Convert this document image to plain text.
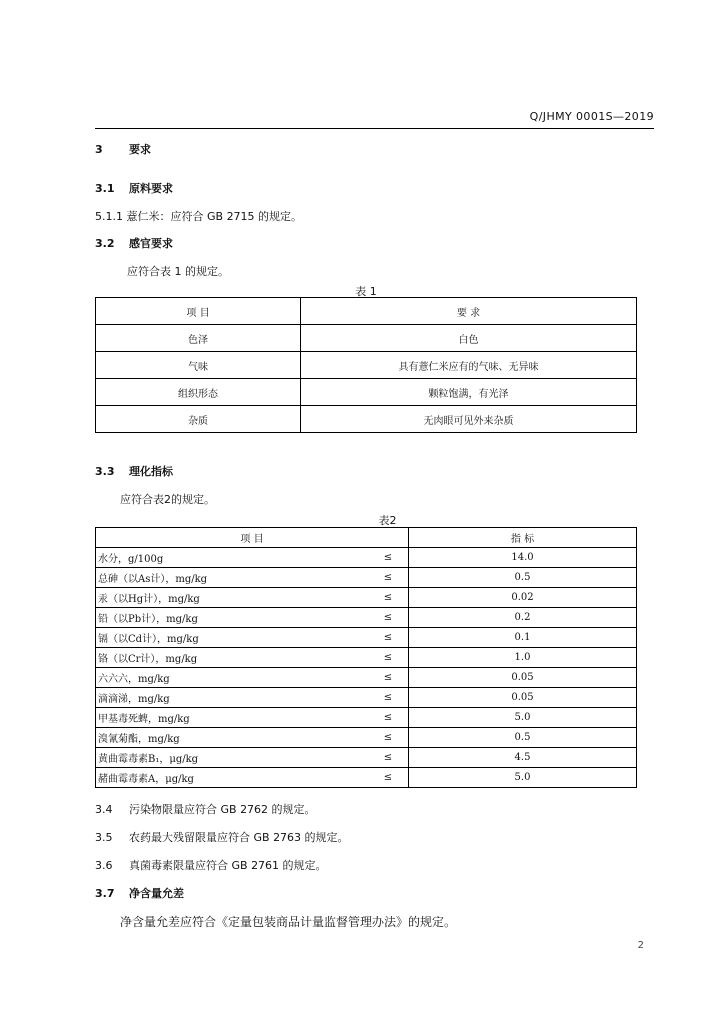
Q/JHMY 0001S—2019
3 要求
3.1 原料要求
5.1.1 薏仁米：应符合 GB 2715 的规定。
3.2 感官要求
应符合表 1 的规定。
表 1
项 目	要 求
色泽	白色
气味	具有薏仁米应有的气味、无异味
组织形态	颗粒饱满，有光泽
杂质	无肉眼可见外来杂质
3.3 理化指标
应符合表2的规定。
表2
项 目		指 标
水分，g/100g	≤	14.0
总砷（以As计），mg/kg	≤	0.5
汞（以Hg计），mg/kg	≤	0.02
铅（以Pb计），mg/kg	≤	0.2
镉（以Cd计），mg/kg	≤	0.1
铬（以Cr计），mg/kg	≤	1.0
六六六，mg/kg	≤	0.05
滴滴涕，mg/kg	≤	0.05
甲基毒死蜱，mg/kg	≤	5.0
溴氰菊酯，mg/kg	≤	0.5
黄曲霉毒素B₁，μg/kg	≤	4.5
赭曲霉毒素A，μg/kg	≤	5.0
3.4 污染物限量应符合 GB 2762 的规定。
3.5 农药最大残留限量应符合 GB 2763 的规定。
3.6 真菌毒素限量应符合 GB 2761 的规定。
3.7 净含量允差
净含量允差应符合《定量包装商品计量监督管理办法》的规定。
2
